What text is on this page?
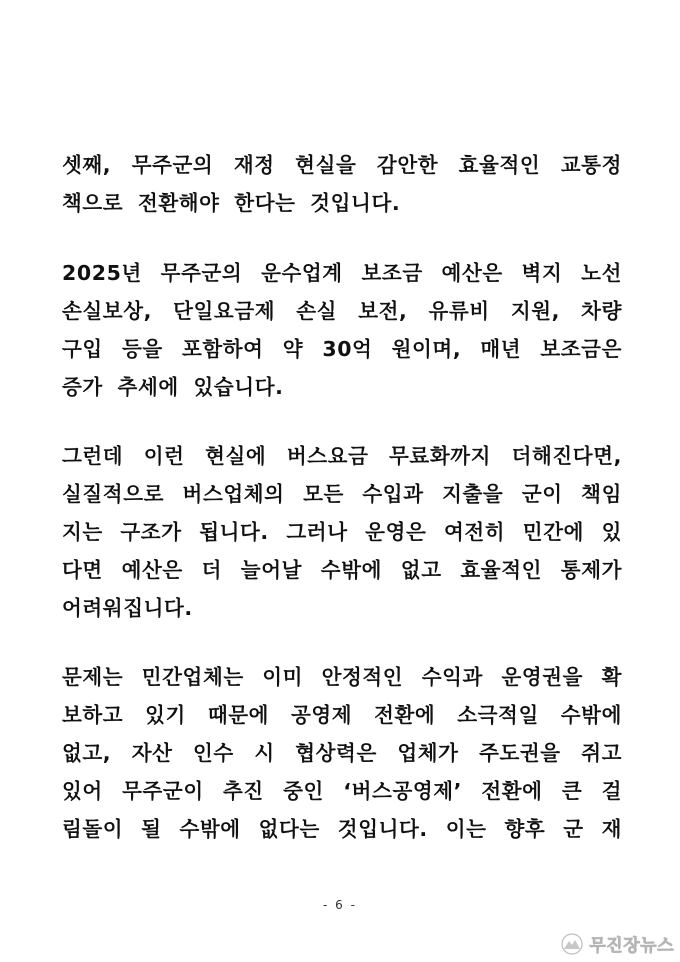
셋째, 무주군의 재정 현실을 감안한 효율적인 교통정
책으로 전환해야 한다는 것입니다.
2025년 무주군의 운수업계 보조금 예산은 벽지 노선
손실보상, 단일요금제 손실 보전, 유류비 지원, 차량
구입 등을 포함하여 약 30억 원이며, 매년 보조금은
증가 추세에 있습니다.
그런데 이런 현실에 버스요금 무료화까지 더해진다면,
실질적으로 버스업체의 모든 수입과 지출을 군이 책임
지는 구조가 됩니다. 그러나 운영은 여전히 민간에 있
다면 예산은 더 늘어날 수밖에 없고 효율적인 통제가
어려워집니다.
문제는 민간업체는 이미 안정적인 수익과 운영권을 확
보하고 있기 때문에 공영제 전환에 소극적일 수밖에
없고, 자산 인수 시 협상력은 업체가 주도권을 쥐고
있어 무주군이 추진 중인 ‘버스공영제’ 전환에 큰 걸
림돌이 될 수밖에 없다는 것입니다. 이는 향후 군 재
- 6 -
무진장뉴스
